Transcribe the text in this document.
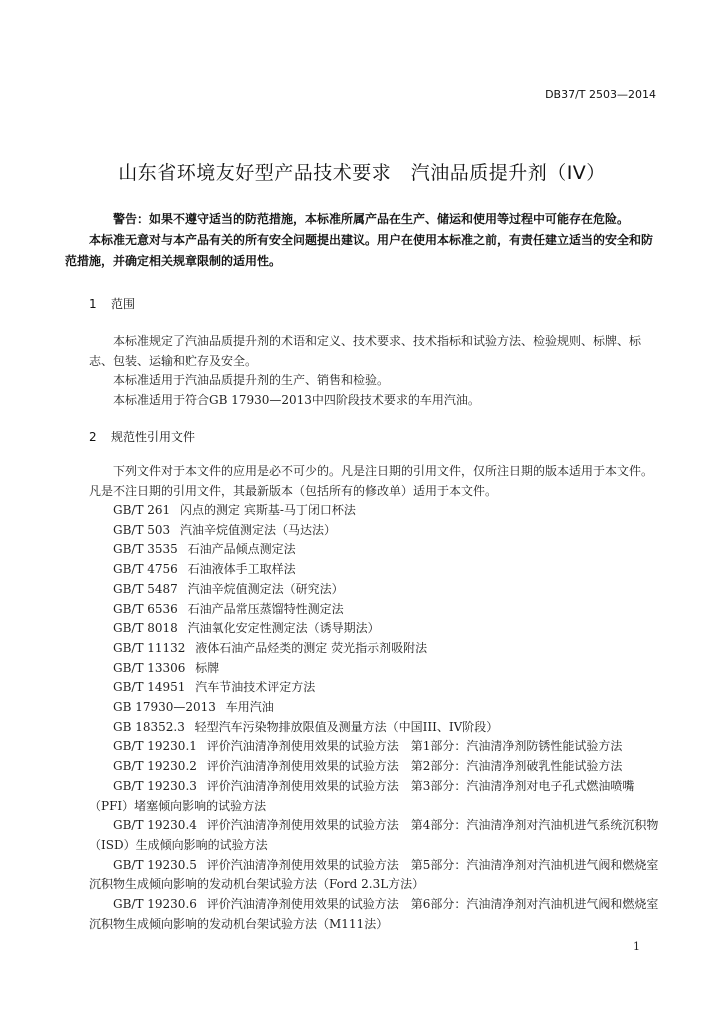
DB37/T 2503—2014
山东省环境友好型产品技术要求　汽油品质提升剂（IV）
警告：如果不遵守适当的防范措施，本标准所属产品在生产、储运和使用等过程中可能存在危险。
本标准无意对与本产品有关的所有安全问题提出建议。用户在使用本标准之前，有责任建立适当的安全和防范措施，并确定相关规章限制的适用性。
1 范围

本标准规定了汽油品质提升剂的术语和定义、技术要求、技术指标和试验方法、检验规则、标牌、标志、包装、运输和贮存及安全。

本标准适用于汽油品质提升剂的生产、销售和检验。

本标准适用于符合GB 17930—2013中四阶段技术要求的车用汽油。

2 规范性引用文件

下列文件对于本文件的应用是必不可少的。凡是注日期的引用文件，仅所注日期的版本适用于本文件。凡是不注日期的引用文件，其最新版本（包括所有的修改单）适用于本文件。

GB/T 261 闪点的测定 宾斯基-马丁闭口杯法

GB/T 503 汽油辛烷值测定法（马达法）

GB/T 3535 石油产品倾点测定法

GB/T 4756 石油液体手工取样法

GB/T 5487 汽油辛烷值测定法（研究法）

GB/T 6536 石油产品常压蒸馏特性测定法

GB/T 8018 汽油氧化安定性测定法（诱导期法）

GB/T 11132 液体石油产品烃类的测定 荧光指示剂吸附法

GB/T 13306 标牌

GB/T 14951 汽车节油技术评定方法

GB 17930—2013 车用汽油

GB 18352.3 轻型汽车污染物排放限值及测量方法（中国III、IV阶段）

GB/T 19230.1 评价汽油清净剂使用效果的试验方法　第1部分：汽油清净剂防锈性能试验方法

GB/T 19230.2 评价汽油清净剂使用效果的试验方法　第2部分：汽油清净剂破乳性能试验方法

GB/T 19230.3 评价汽油清净剂使用效果的试验方法　第3部分：汽油清净剂对电子孔式燃油喷嘴（PFI）堵塞倾向影响的试验方法

GB/T 19230.4 评价汽油清净剂使用效果的试验方法　第4部分：汽油清净剂对汽油机进气系统沉积物（ISD）生成倾向影响的试验方法

GB/T 19230.5 评价汽油清净剂使用效果的试验方法　第5部分：汽油清净剂对汽油机进气阀和燃烧室沉积物生成倾向影响的发动机台架试验方法（Ford 2.3L方法）

GB/T 19230.6 评价汽油清净剂使用效果的试验方法　第6部分：汽油清净剂对汽油机进气阀和燃烧室沉积物生成倾向影响的发动机台架试验方法（M111法）

1
